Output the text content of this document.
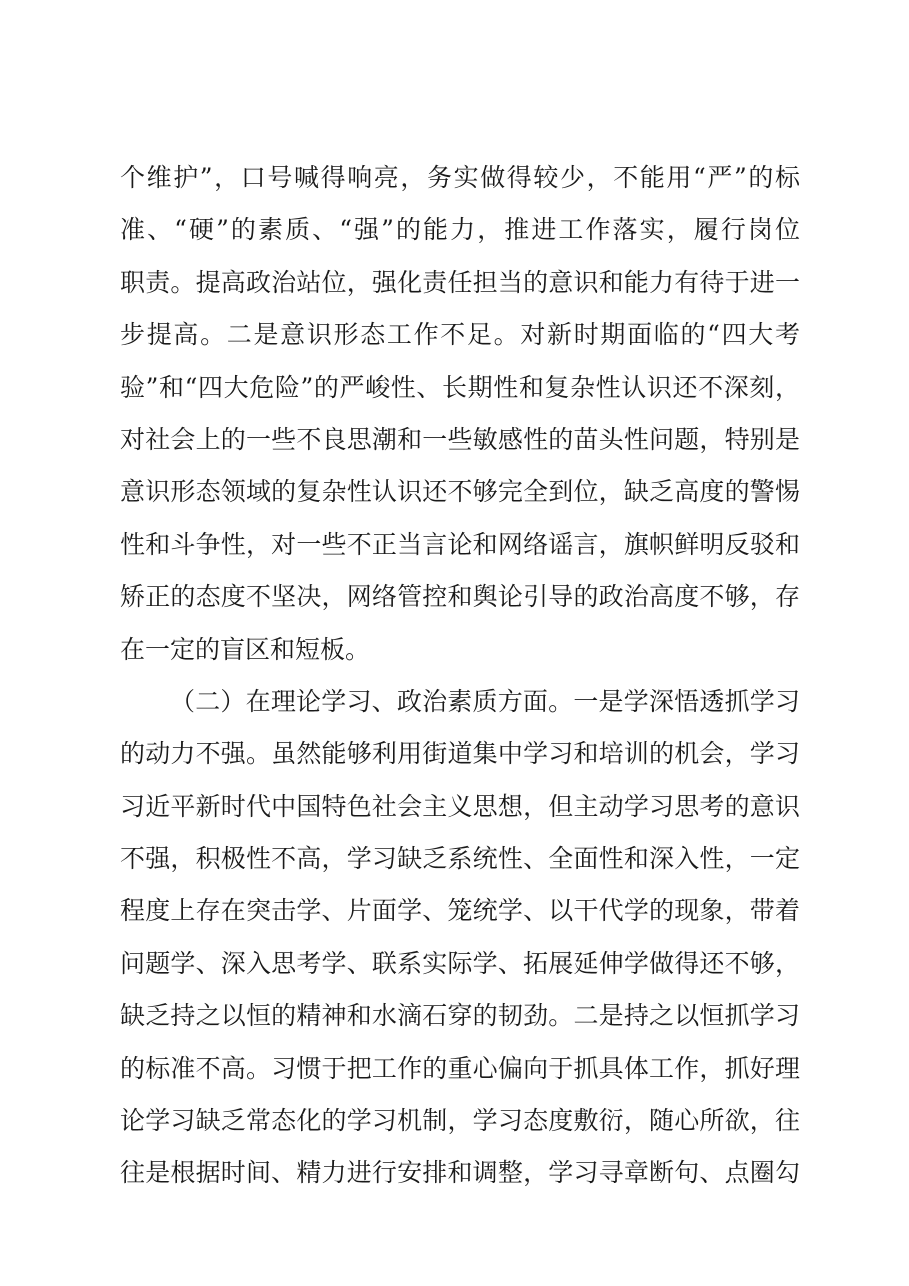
个维护”，口号喊得响亮，务实做得较少，不能用“严”的标
准、“硬”的素质、“强”的能力，推进工作落实，履行岗位
职责。提高政治站位，强化责任担当的意识和能力有待于进一
步提高。二是意识形态工作不足。对新时期面临的“四大考
验”和“四大危险”的严峻性、长期性和复杂性认识还不深刻，
对社会上的一些不良思潮和一些敏感性的苗头性问题，特别是
意识形态领域的复杂性认识还不够完全到位，缺乏高度的警惕
性和斗争性，对一些不正当言论和网络谣言，旗帜鲜明反驳和
矫正的态度不坚决，网络管控和舆论引导的政治高度不够，存
在一定的盲区和短板。
（二）在理论学习、政治素质方面。一是学深悟透抓学习
的动力不强。虽然能够利用街道集中学习和培训的机会，学习
习近平新时代中国特色社会主义思想，但主动学习思考的意识
不强，积极性不高，学习缺乏系统性、全面性和深入性，一定
程度上存在突击学、片面学、笼统学、以干代学的现象，带着
问题学、深入思考学、联系实际学、拓展延伸学做得还不够，
缺乏持之以恒的精神和水滴石穿的韧劲。二是持之以恒抓学习
的标准不高。习惯于把工作的重心偏向于抓具体工作，抓好理
论学习缺乏常态化的学习机制，学习态度敷衍，随心所欲，往
往是根据时间、精力进行安排和调整，学习寻章断句、点圈勾
